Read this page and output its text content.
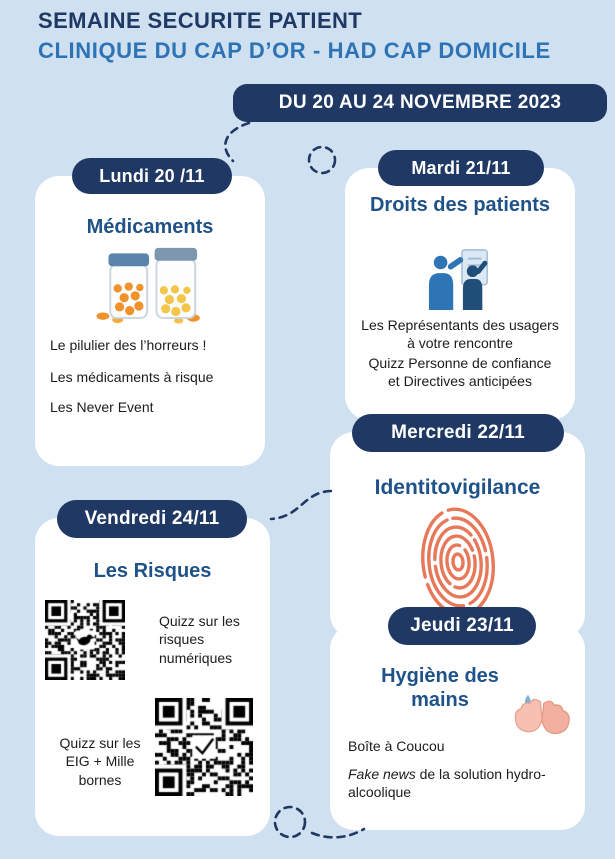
SEMAINE SECURITE PATIENT
CLINIQUE DU CAP D’OR - HAD CAP DOMICILE
DU 20 AU 24 NOVEMBRE 2023
Médicaments

Le pilulier des l’horreurs !

Les médicaments à risque

Les Never Event

Lundi 20 /11
Droits des patients

Les Représentants des usagers à votre rencontre

Quizz Personne de confiance et Directives anticipées

Mardi 21/11
Identitovigilance
Mercredi 22/11
Les Risques

Quizz sur les risques numériques

Quizz sur les EIG + Mille bornes

Vendredi 24/11
Hygiène des mains

Boîte à Coucou

Fake news de la solution hydro-alcoolique

Jeudi 23/11
